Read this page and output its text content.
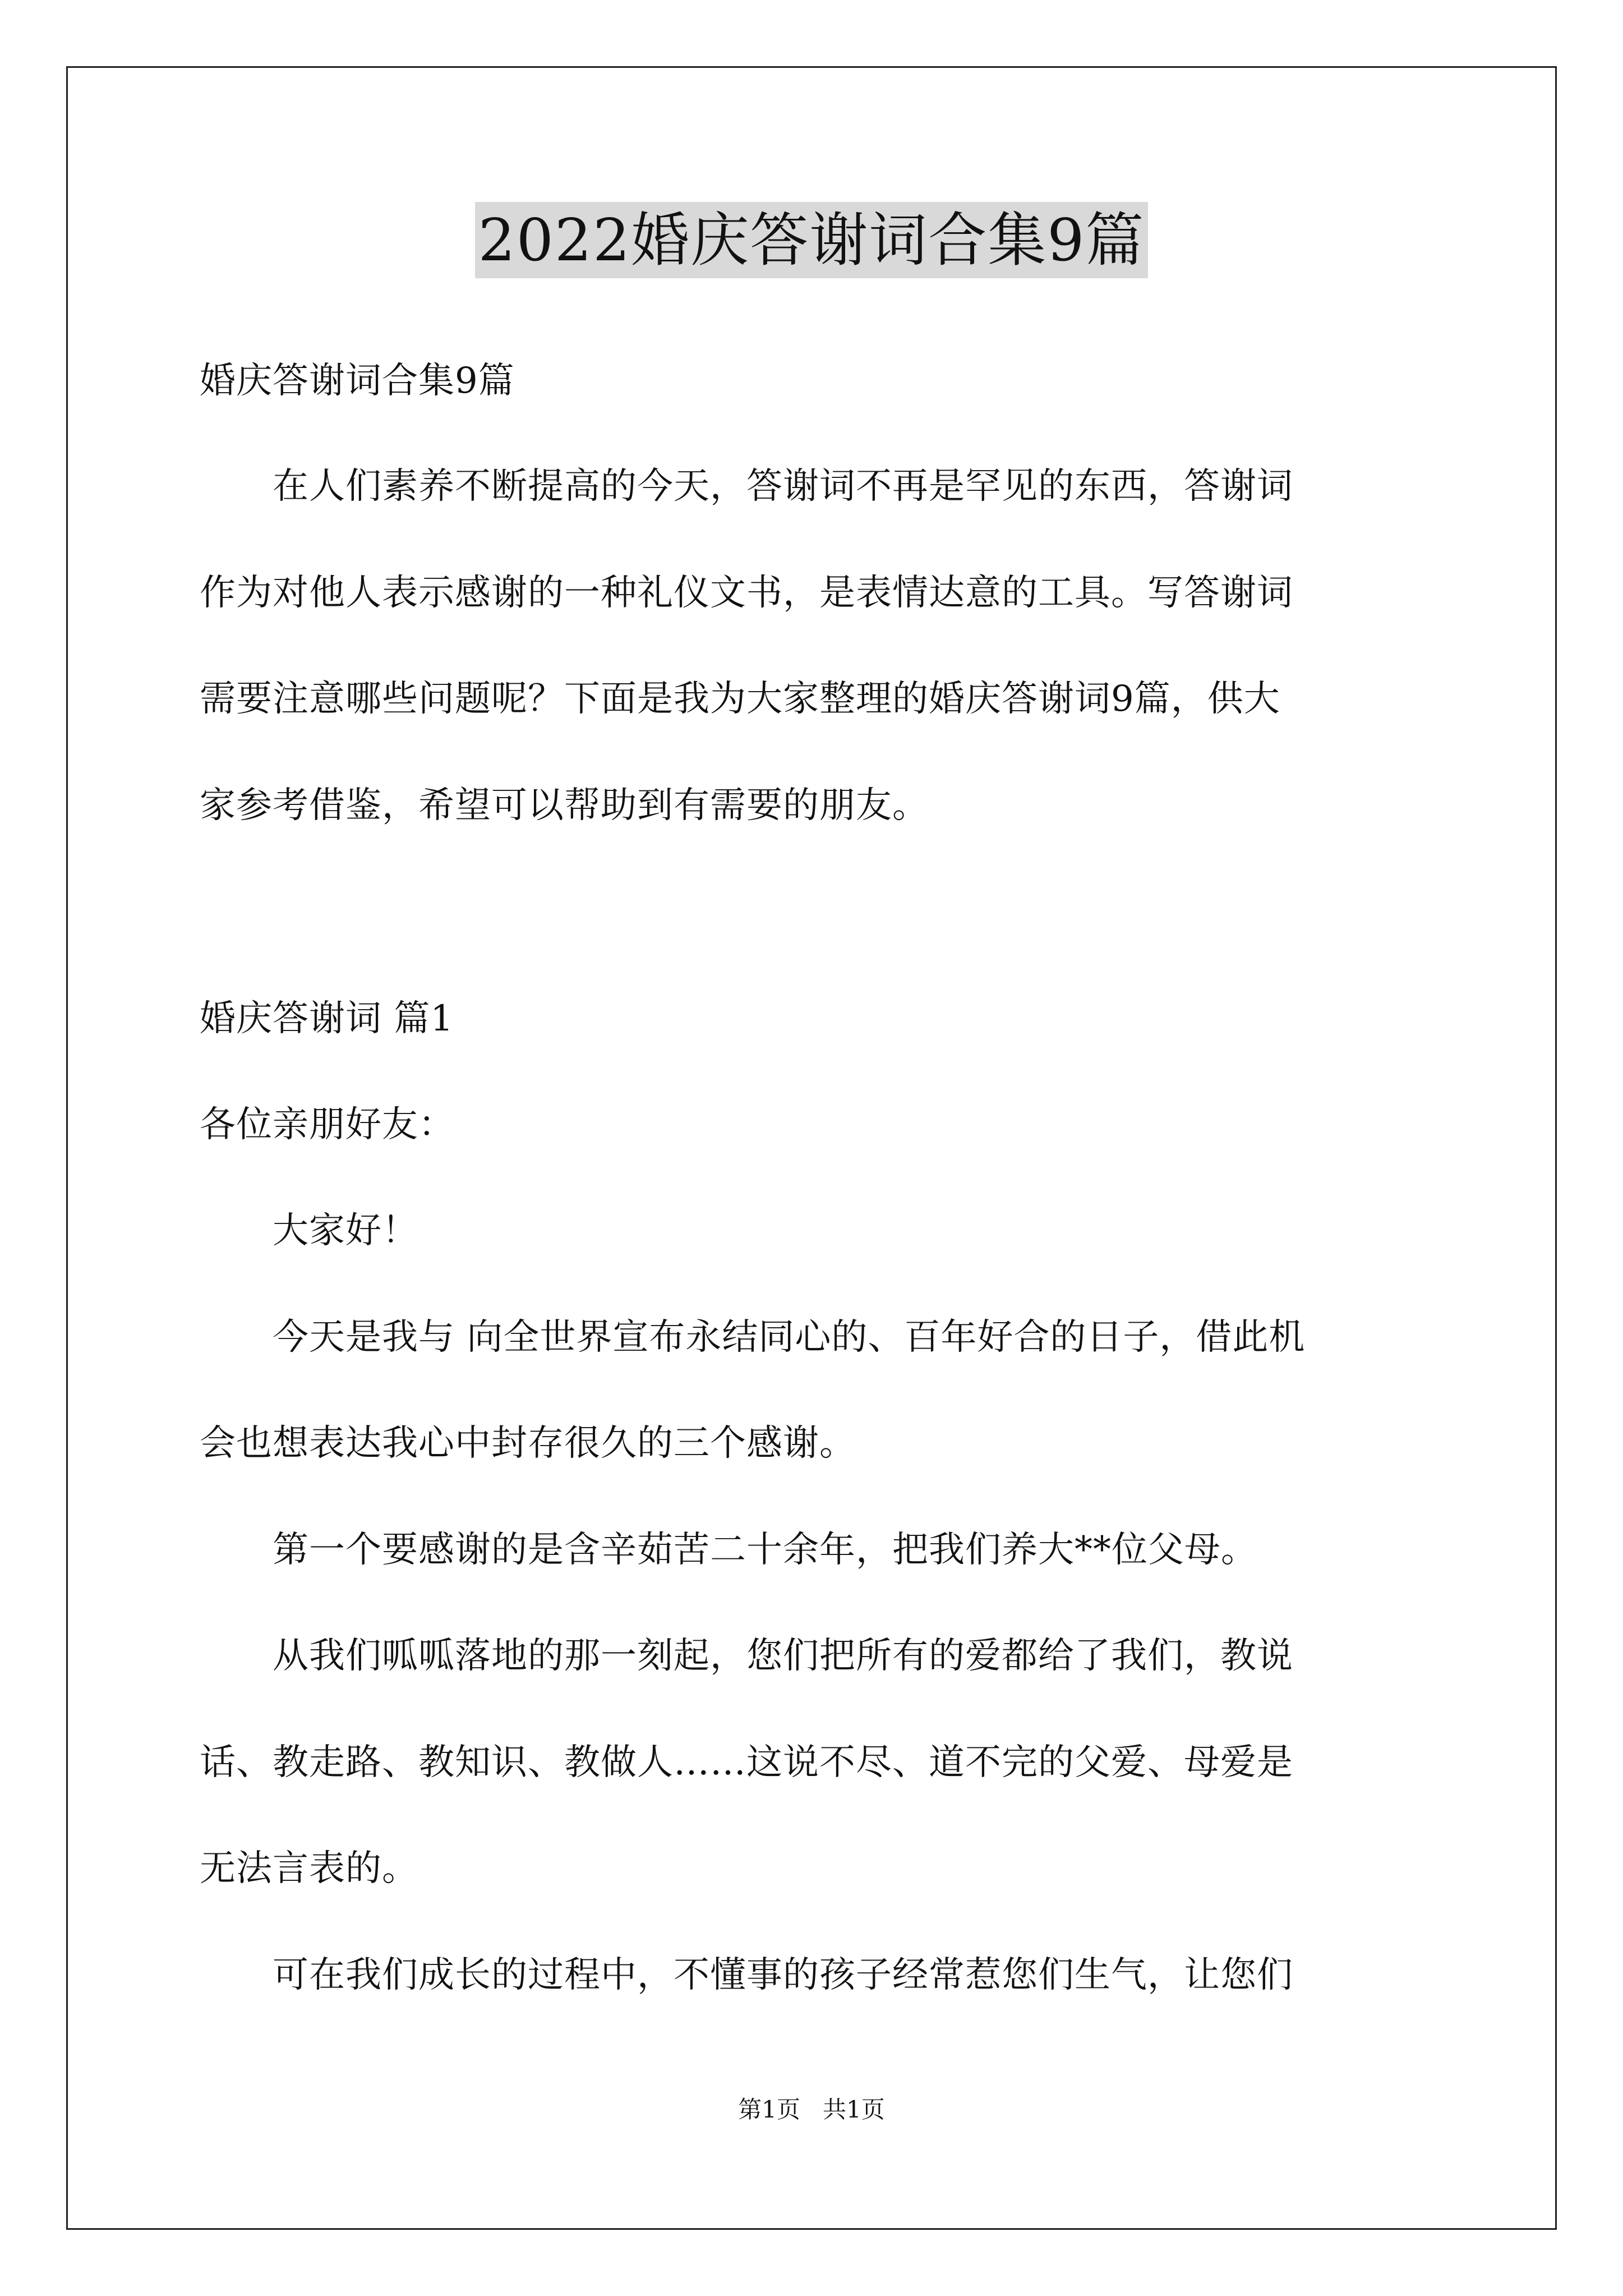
2022婚庆答谢词合集9篇
婚庆答谢词合集9篇
　　在人们素养不断提高的今天，答谢词不再是罕见的东西，答谢词
作为对他人表示感谢的一种礼仪文书，是表情达意的工具。写答谢词
需要注意哪些问题呢？下面是我为大家整理的婚庆答谢词9篇，供大
家参考借鉴，希望可以帮助到有需要的朋友。
婚庆答谢词 篇1
各位亲朋好友：
　　大家好！
　　今天是我与 向全世界宣布永结同心的、百年好合的日子，借此机
会也想表达我心中封存很久的三个感谢。
　　第一个要感谢的是含辛茹苦二十余年，把我们养大**位父母。
　　从我们呱呱落地的那一刻起，您们把所有的爱都给了我们，教说
话、教走路、教知识、教做人……这说不尽、道不完的父爱、母爱是
无法言表的。
　　可在我们成长的过程中，不懂事的孩子经常惹您们生气，让您们
第1页   共1页
